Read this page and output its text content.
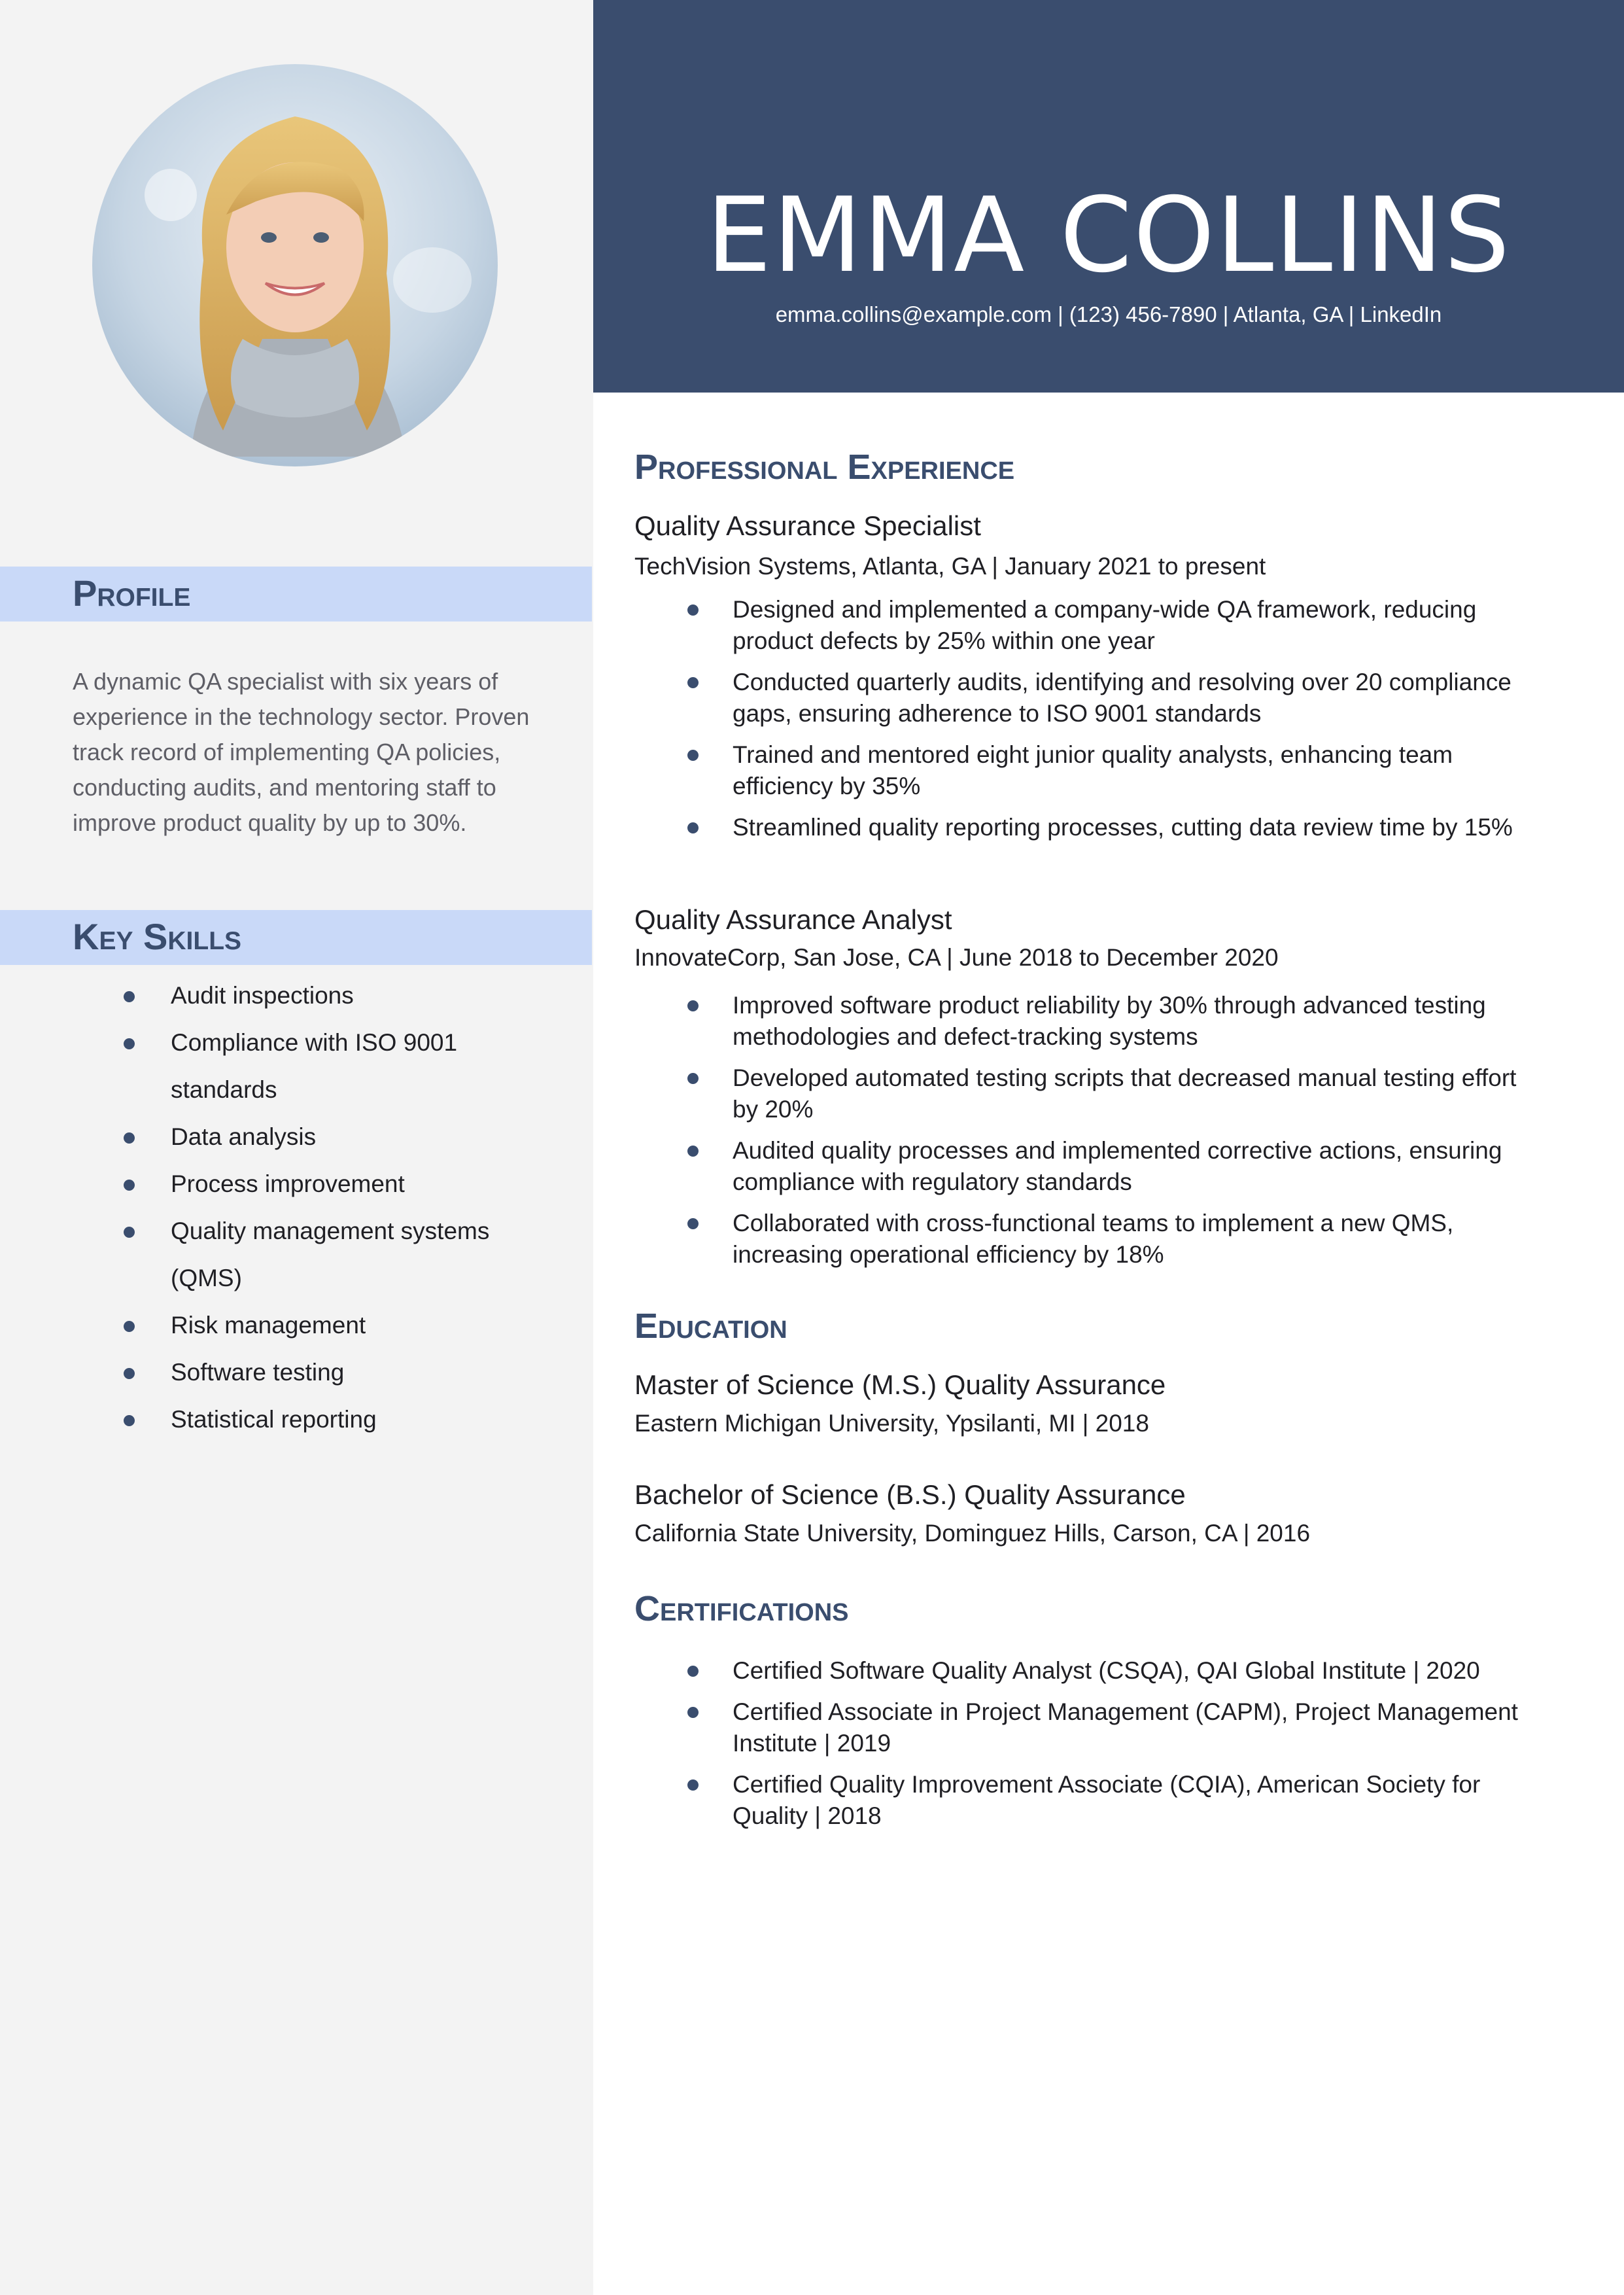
Profile

A dynamic QA specialist with six years of experience in the technology sector. Proven track record of implementing QA policies, conducting audits, and mentoring staff to improve product quality by up to 30%.

Key Skills
Audit inspections
Compliance with ISO 9001 standards
Data analysis
Process improvement
Quality management systems (QMS)
Risk management
Software testing
Statistical reporting
EMMA COLLINS
emma.collins@example.com | (123) 456-7890 | Atlanta, GA | LinkedIn
Professional Experience
Quality Assurance Specialist
TechVision Systems, Atlanta, GA | January 2021 to present
Designed and implemented a company-wide QA framework, reducing product defects by 25% within one year
Conducted quarterly audits, identifying and resolving over 20 compliance gaps, ensuring adherence to ISO 9001 standards
Trained and mentored eight junior quality analysts, enhancing team efficiency by 35%
Streamlined quality reporting processes, cutting data review time by 15%
Quality Assurance Analyst
InnovateCorp, San Jose, CA | June 2018 to December 2020
Improved software product reliability by 30% through advanced testing methodologies and defect-tracking systems
Developed automated testing scripts that decreased manual testing effort by 20%
Audited quality processes and implemented corrective actions, ensuring compliance with regulatory standards
Collaborated with cross-functional teams to implement a new QMS, increasing operational efficiency by 18%
Education
Master of Science (M.S.) Quality Assurance
Eastern Michigan University, Ypsilanti, MI | 2018
Bachelor of Science (B.S.) Quality Assurance
California State University, Dominguez Hills, Carson, CA | 2016
Certifications
Certified Software Quality Analyst (CSQA), QAI Global Institute | 2020
Certified Associate in Project Management (CAPM), Project Management Institute | 2019
Certified Quality Improvement Associate (CQIA), American Society for Quality | 2018
